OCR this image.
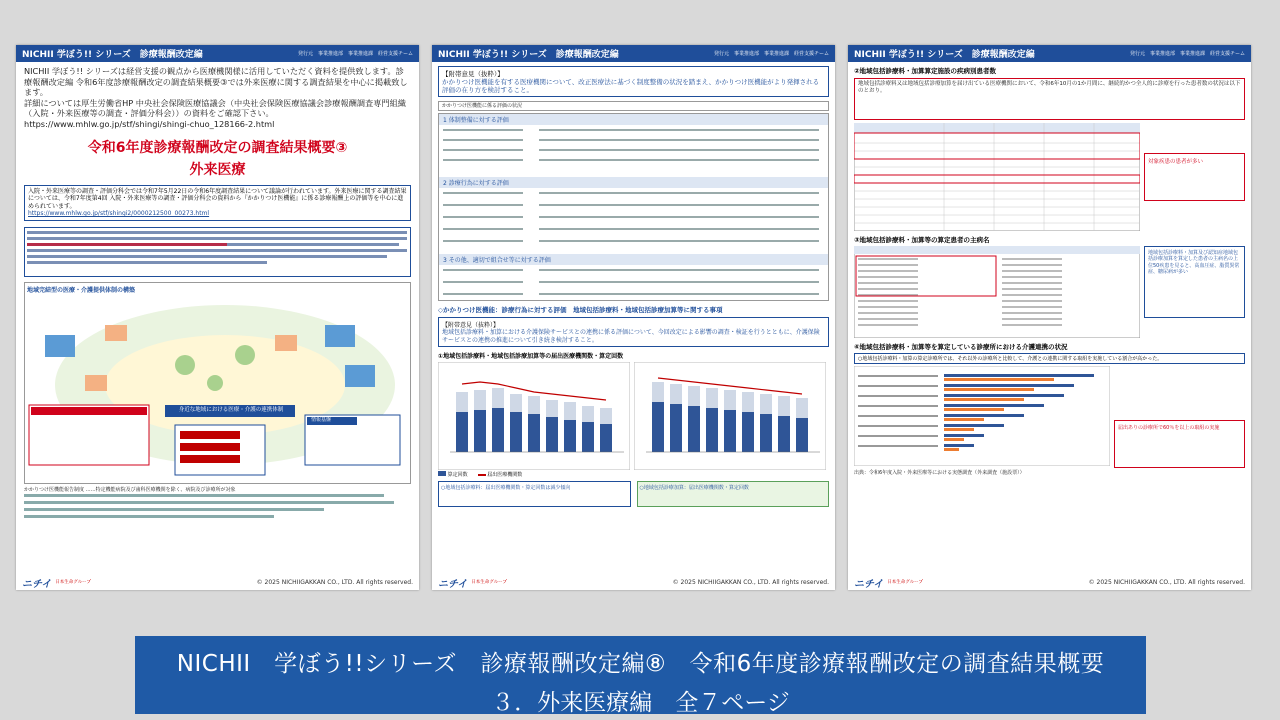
NICHII 学ぼう!! シリーズ　診療報酬改定編	発行元　事業推進部　事業推進課　経営支援チーム
NICHII 学ぼう!! シリーズは経営支援の観点から医療機関様に活用していただく資料を提供致します。診療報酬改定編 令和6年度診療報酬改定の調査結果概要③では外来医療に関する調査結果を中心に掲載致します。
詳細については厚生労働省HP 中央社会保険医療協議会（中央社会保険医療協議会診療報酬調査専門組織（入院・外来医療等の調査・評価分科会））の資料をご確認下さい。
https://www.mhlw.go.jp/stf/shingi/shingi-chuo_128166-2.html
令和6年度診療報酬改定の調査結果概要③
外来医療
入院・外来医療等の調査・評価分科会では令和7年5月22日の令和6年度調査結果について議論が行われています。外来医療に関する調査結果については、令和7年度第4回 入院・外来医療等の調査・評価分科会の資料から『かかりつけ医機能』に係る診療報酬上の評価等を中心に進められています。
https://www.mhlw.go.jp/stf/shingi2/0000212500_00273.html
地域完結型の医療・介護提供体制の構築
身近な地域における医療・介護の連携体制
情報基盤
かかりつけ医機能報告制度 ……特定機能病院及び歯科医療機関を除く、病院及び診療所が対象
ニチイ 日本生命グループ	© 2025 NICHIIGAKKAN CO., LTD. All rights reserved.
NICHII 学ぼう!! シリーズ　診療報酬改定編	発行元　事業推進部　事業推進課　経営支援チーム
【附帯意見（抜粋）】
かかりつけ医機能を有する医療機関について、改正医療法に基づく制度整備の状況を踏まえ、かかりつけ医機能がより発揮される評価の在り方を検討すること。
かかりつけ医機能に係る評価の状況
1 体制整備に対する評価
2 診療行為に対する評価
3 その他、適切で組合せ等に対する評価
◇かかりつけ医機能：診療行為に対する評価　地域包括診療料・地域包括診療加算等に関する事項
【附帯意見（抜粋）】
地域包括診療料・加算における介護保険サービスとの連携に係る評価について、今回改定による影響の調査・検証を行うとともに、介護保険サービスとの連携の推進について引き続き検討すること。
①地域包括診療料・地域包括診療加算等の届出医療機関数・算定回数
算定回数	届出医療機関数
○地域包括診療料：届出医療機関数・算定回数は減少傾向	○地域包括診療加算：届出医療機関数・算定回数
ニチイ 日本生命グループ	© 2025 NICHIIGAKKAN CO., LTD. All rights reserved.
NICHII 学ぼう!! シリーズ　診療報酬改定編	発行元　事業推進部　事業推進課　経営支援チーム
②地域包括診療料・加算算定施設の疾病別患者数
地域包括診療料又は地域包括診療加算を届け出ている医療機関において、令和6年10月の1か月間に、継続的かつ全人的に診療を行った患者数の状況は以下のとおり。
対象疾患の患者が多い
③地域包括診療料・加算等の算定患者の主病名
地域包括診療料・加算及び認知症地域包括診療加算を算定した患者の主病名の上位50疾患を見ると、高血圧症、脂質異常症、糖尿病が多い
④地域包括診療料・加算等を算定している診療所における介護連携の状況
○地域包括診療料・加算の算定診療所では、それ以外の診療所と比較して、介護との連携に関する取組を実施している割合が高かった。
届出ありの診療所で60％を以上の取組の実施
出典：令和6年度入院・外来医療等における実態調査（外来調査（施設票））
ニチイ 日本生命グループ	© 2025 NICHIIGAKKAN CO., LTD. All rights reserved.
NICHII　学ぼう!!シリーズ　診療報酬改定編⑧　令和6年度診療報酬改定の調査結果概要
３．外来医療編　全７ページ
